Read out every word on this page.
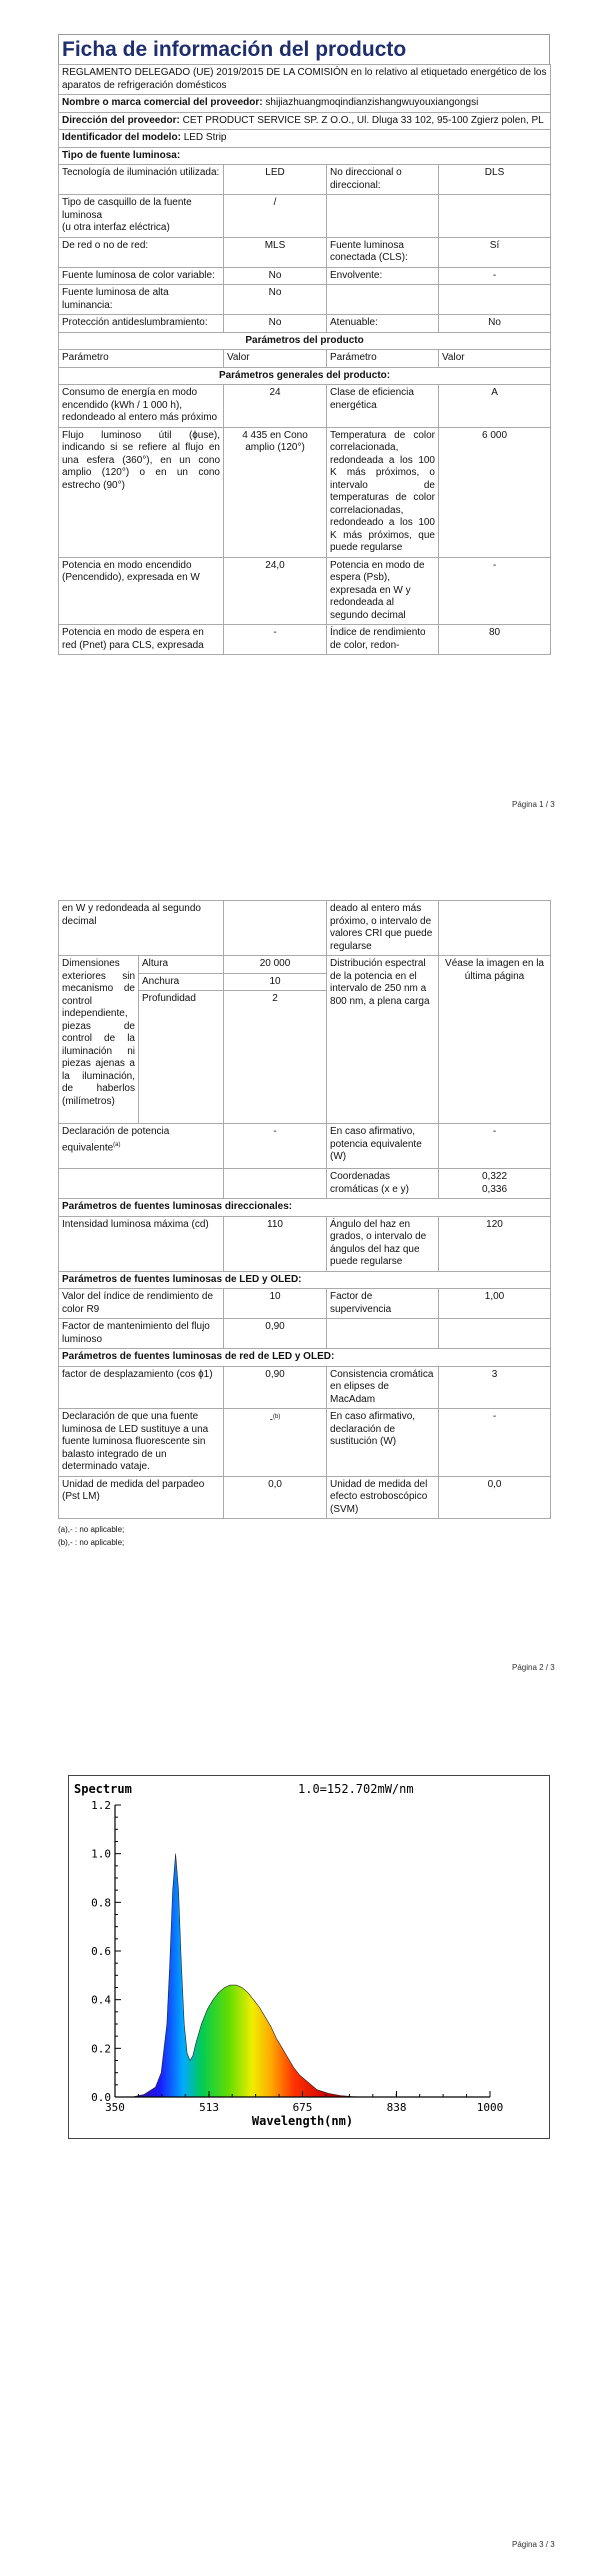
Ficha de información del producto
REGLAMENTO DELEGADO (UE) 2019/2015 DE LA COMISIÓN en lo relativo al etiquetado energético de los aparatos de refrigeración domésticos			
Nombre o marca comercial del proveedor: shijiazhuangmoqindianzishangwuyouxiangongsi			
Dirección del proveedor: CET PRODUCT SERVICE SP. Z O.O., Ul. Dluga 33 102, 95-100 Zgierz polen, PL			
Identificador del modelo: LED Strip			
Tipo de fuente luminosa:			
Tecnología de iluminación utilizada:	LED	No direccional o direccional:	DLS

Tipo de casquillo de la fuente luminosa
(u otra interfaz eléctrica)	/		
De red o no de red:	MLS	Fuente luminosa conectada (CLS):	Sí
Fuente luminosa de color variable:	No	Envolvente:	-
Fuente luminosa de alta luminancia:	No		
Protección antideslumbramiento:	No	Atenuable:	No
Parámetros del producto			
Parámetro	Valor	Parámetro	Valor
Parámetros generales del producto:			
Consumo de energía en modo encendido (kWh / 1 000 h), redondeado al entero más próximo	24	Clase de eficiencia energética	A
Flujo luminoso útil (ɸuse), indicando si se refiere al flujo en una esfera (360°), en un cono amplio (120°) o en un cono estrecho (90°)	4 435 en Cono amplio (120°)	Temperatura de color correlacionada, redondeada a los 100 K más próximos, o intervalo de temperaturas de color correlacionadas, redondeado a los 100 K más próximos, que puede regularse	6 000
Potencia en modo encendido (Pencendido), expresada en W	24,0	Potencia en modo de espera (Psb), expresada en W y redondeada al segundo decimal	-
Potencia en modo de espera en red (Pnet) para CLS, expresada	-	Índice de rendimiento de color, redon-	80
Página 1 / 3
en W y redondeada al segundo decimal			deado al entero más próximo, o intervalo de valores CRI que puede regularse	
Dimensiones exteriores sin mecanismo de control independiente, piezas de control de la iluminación ni piezas ajenas a la iluminación, de haberlos (milímetros)	Altura	20 000	Distribución espectral de la potencia en el intervalo de 250 nm a 800 nm, a plena carga	Véase la imagen en la última página
	Anchura	10		
	Profundidad	2		
Declaración de potencia equivalente$^{(a)}$		-	En caso afirmativo, potencia equivalente (W)	-
			Coordenadas cromáticas (x e y)	0,322
0,336

Parámetros de fuentes luminosas direccionales:				
Intensidad luminosa máxima (cd)		110	Ángulo del haz en grados, o intervalo de ángulos del haz que puede regularse	120
Parámetros de fuentes luminosas de LED y OLED:				
Valor del índice de rendimiento de color R9		10	Factor de supervivencia	1,00
Factor de mantenimiento del flujo luminoso		0,90		
Parámetros de fuentes luminosas de red de LED y OLED:				
factor de desplazamiento (cos ɸ1)		0,90	Consistencia cromática en elipses de MacAdam	3
Declaración de que una fuente luminosa de LED sustituye a una fuente luminosa fluorescente sin balasto integrado de un determinado vataje.		-$^{(b)}$	En caso afirmativo, declaración de sustitución (W)	-
Unidad de medida del parpadeo (Pst LM)		0,0	Unidad de medida del efecto estroboscópico (SVM)	0,0
(a),- : no aplicable;
(b),- : no aplicable;
Página 2 / 3
Página 3 / 3
0.0
0.2
0.4
0.6
0.8
1.0
1.2
350	513	675	838	1000
Spectrum	1.0=152.702mW/nm
Wavelength(nm)
